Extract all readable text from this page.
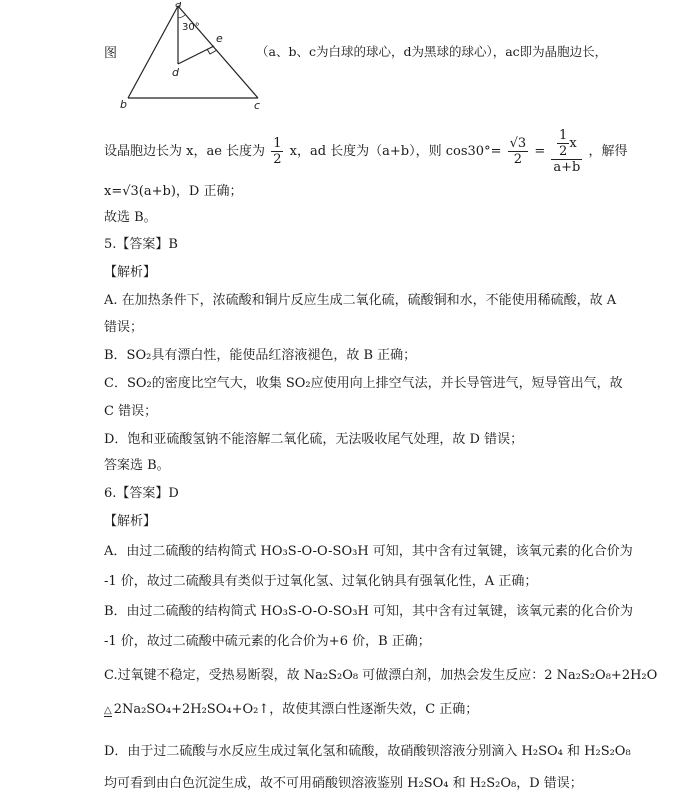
图
a
b	c
d
e
30°
（a、b、c为白球的球心，d为黑球的球心），ac即为晶胞边长，
设晶胞边长为 x，ae 长度为 $\frac{1}{2}$ x，ad 长度为（a+b），则 $\cos 30^\circ= \frac{√3}{2} = \frac{\frac{1}{2} x}{a+b}$ ，解得
x=√3(a+b)，D 正确；
故选 B。
5.【答案】B
【解析】
A. 在加热条件下，浓硫酸和铜片反应生成二氧化硫，硫酸铜和水，不能使用稀硫酸，故 A
错误；
B．SO₂具有漂白性，能使品红溶液褪色，故 B 正确；
C．SO₂的密度比空气大，收集 SO₂应使用向上排空气法，并长导管进气，短导管出气，故
C 错误；
D．饱和亚硫酸氢钠不能溶解二氧化硫，无法吸收尾气处理，故 D 错误；
答案选 B。
6.【答案】D
【解析】
A．由过二硫酸的结构简式 HO₃S-O-O-SO₃H 可知，其中含有过氧键，该氧元素的化合价为
-1 价，故过二硫酸具有类似于过氧化氢、过氧化钠具有强氧化性，A 正确；
B．由过二硫酸的结构简式 HO₃S-O-O-SO₃H 可知，其中含有过氧键，该氧元素的化合价为
-1 价，故过二硫酸中硫元素的化合价为+6 价，B 正确；
C.过氧键不稳定，受热易断裂，故 Na₂S₂O₈ 可做漂白剂，加热会发生反应：2 Na₂S₂O₈+2H₂O
△ 2Na₂SO₄+2H₂SO₄+O₂↑，故使其漂白性逐渐失效，C 正确；
D．由于过二硫酸与水反应生成过氧化氢和硫酸，故硝酸钡溶液分别滴入 H₂SO₄ 和 H₂S₂O₈
均可看到由白色沉淀生成，故不可用硝酸钡溶液鉴别 H₂SO₄ 和 H₂S₂O₈，D 错误；
